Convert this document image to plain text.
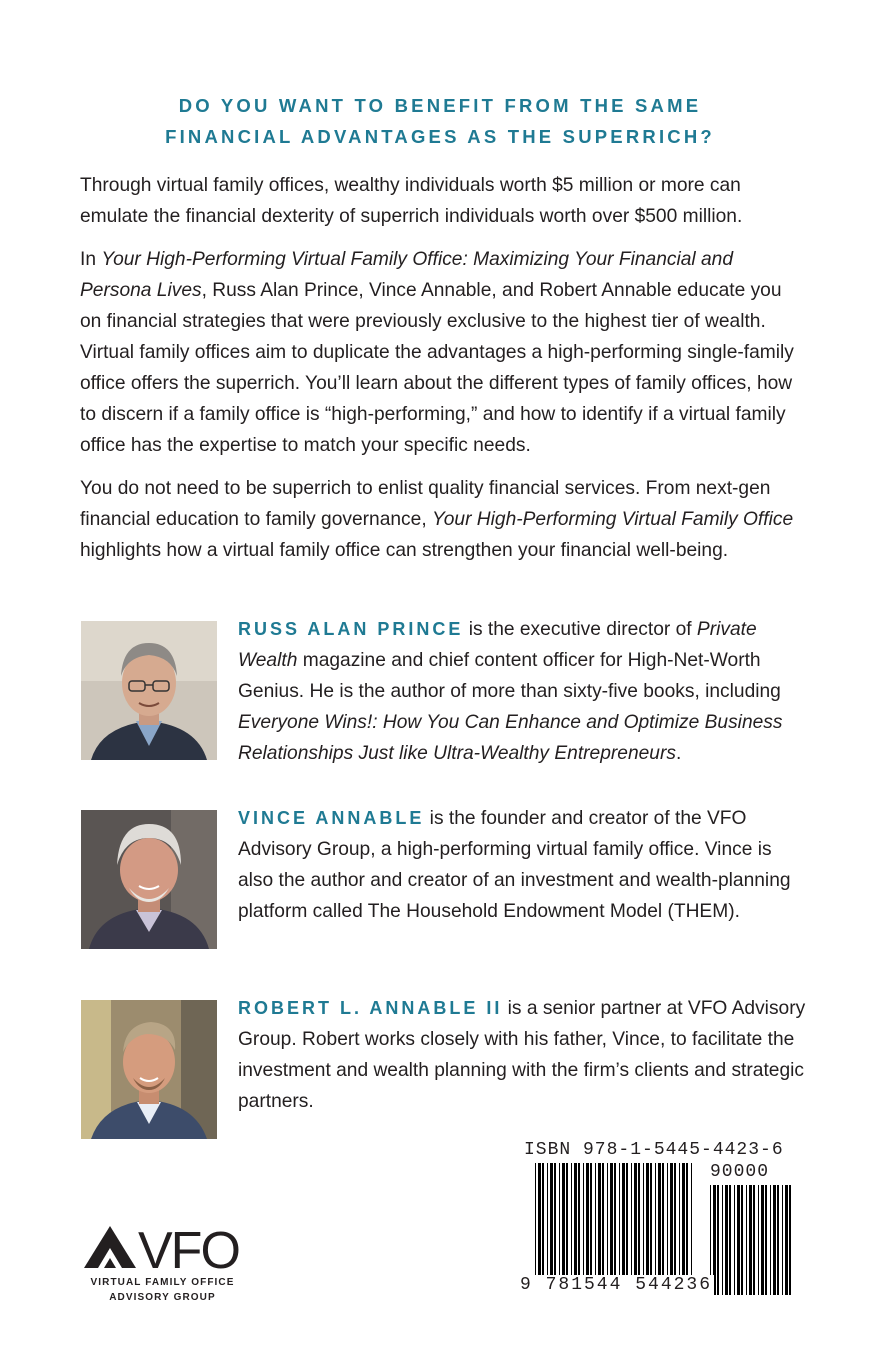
DO YOU WANT TO BENEFIT FROM THE SAME
FINANCIAL ADVANTAGES AS THE SUPERRICH?

Through virtual family offices, wealthy individuals worth $5 million or more can emulate the financial dexterity of superrich individuals worth over $500 million.

In Your High-Performing Virtual Family Office: Maximizing Your Financial and Persona Lives, Russ Alan Prince, Vince Annable, and Robert Annable educate you on financial strategies that were previously exclusive to the highest tier of wealth. Virtual family offices aim to duplicate the advantages a high-performing single-family office offers the superrich. You’ll learn about the different types of family offices, how to discern if a family office is “high-performing,” and how to identify if a virtual family office has the expertise to match your specific needs.

You do not need to be superrich to enlist quality financial services. From next-gen financial education to family governance, Your High-Performing Virtual Family Office highlights how a virtual family office can strengthen your financial well-being.

RUSS ALAN PRINCE is the executive director of Private Wealth magazine and chief content officer for High-Net-Worth Genius. He is the author of more than sixty-five books, including Everyone Wins!: How You Can Enhance and Optimize Business Relationships Just like Ultra-Wealthy Entrepreneurs.
VINCE ANNABLE is the founder and creator of the VFO Advisory Group, a high-performing virtual family office. Vince is also the author and creator of an investment and wealth-planning platform called The Household Endowment Model (THEM).
ROBERT L. ANNABLE II is a senior partner at VFO Advisory Group. Robert works closely with his father, Vince, to facilitate the investment and wealth planning with the firm’s clients and strategic partners.
VFO
VIRTUAL FAMILY OFFICE
ADVISORY GROUP
ISBN 978-1-5445-4423-6
90000
9 781544 544236
